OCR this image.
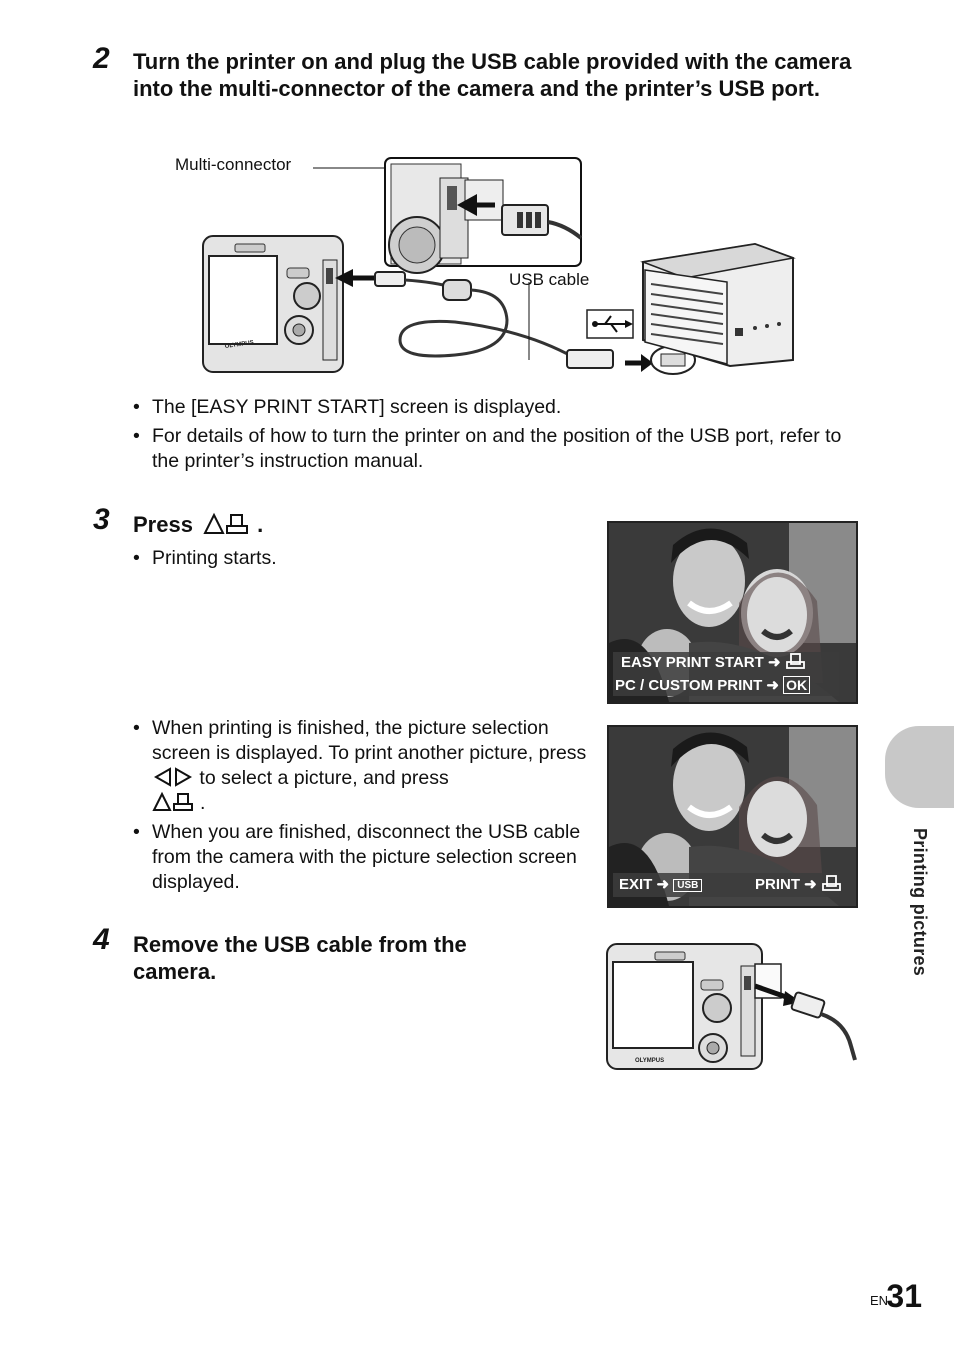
2 Turn the printer on and plug the USB cable provided with the camera into the multi-connector of the camera and the printer’s USB port.
Multi-connector
USB cable
OLYMPUS
• The [EASY PRINT START] screen is displayed.
• For details of how to turn the printer on and the position of the USB port, refer to the printer’s instruction manual.
3 Press	.
• Printing starts.
EASY PRINT START ➜
PC / CUSTOM PRINT ➜ OK
• When printing is finished, the picture selection screen is displayed. To print another picture, press  to select a picture, and press
.
• When you are finished, disconnect the USB cable from the camera with the picture selection screen displayed.	EXIT ➜ USB	PRINT ➜
4 Remove the USB cable from the camera.
OLYMPUS
Printing pictures
EN
31
